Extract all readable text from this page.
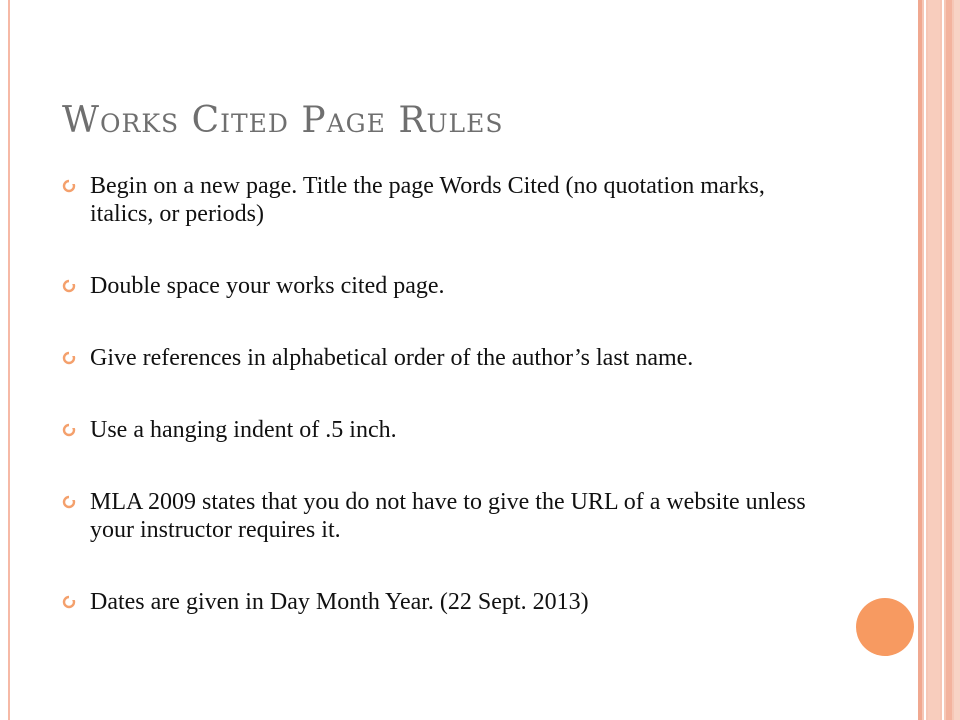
Works Cited Page Rules
Begin on a new page. Title the page Words Cited (no quotation marks, italics, or periods)
Double space your works cited page.
Give references in alphabetical order of the author’s last name.
Use a hanging indent of .5 inch.
MLA 2009 states that you do not have to give the URL of a website unless your instructor requires it.
Dates are given in Day Month Year. (22 Sept. 2013)
